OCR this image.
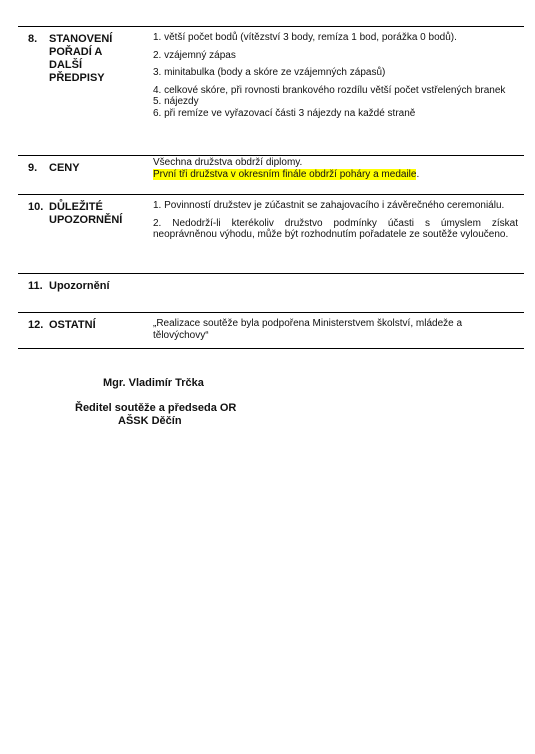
8. STANOVENÍ POŘADÍ A DALŠÍ PŘEDPISY

1. větší počet bodů (vítězství 3 body, remíza 1 bod, porážka 0 bodů).

2. vzájemný zápas

3. minitabulka (body a skóre ze vzájemných zápasů)

4. celkové skóre, při rovnosti brankového rozdílu větší počet vstřelených branek

5. nájezdy

6. při remíze ve vyřazovací části 3 nájezdy na každé straně

9. CENY	Všechna družstva obdrží diplomy.
První tři družstva v okresním finále obdrží poháry a medaile.
10. DŮLEŽITÉ UPOZORNĚNÍ

1. Povinností družstev je zúčastnit se zahajovacího i závěrečného ceremoniálu.

2. Nedodrží-li kterékoliv družstvo podmínky účasti s úmyslem získat neoprávněnou výhodu, může být rozhodnutím pořadatele ze soutěže vyloučeno.

11. Upozornění
12. OSTATNÍ	„Realizace soutěže byla podpořena Ministerstvem školství, mládeže a tělovýchovy“
Mgr. Vladimír Trčka
Ředitel soutěže a předseda OR
AŠSK Děčín
